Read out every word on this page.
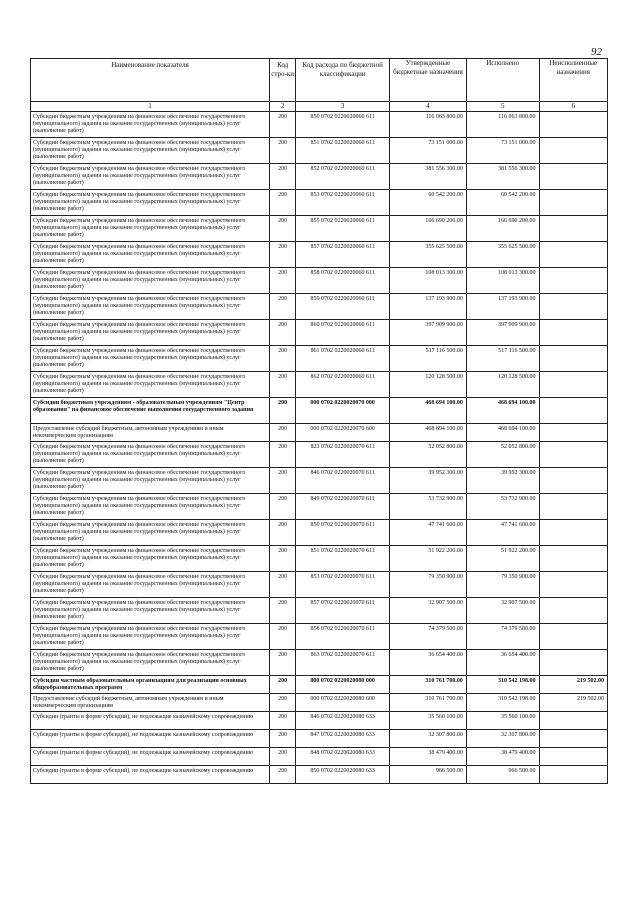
92
Наименование показателя	Код стро-ки	Код расхода по бюджетной классификации	Утвержденные бюджетные назначения	Исполнено	Неисполненные назначения
1	2	3	4	5	6
Субсидии бюджетным учреждениям на финансовое обеспечение государственного (муниципального) задания на оказание государственных (муниципальных) услуг (выполнение работ)	200	850 0702 0220020060 611	116 063 800.00	116 063 800.00	
Субсидии бюджетным учреждениям на финансовое обеспечение государственного (муниципального) задания на оказание государственных (муниципальных) услуг (выполнение работ)	200	851 0702 0220020060 611	73 151 000.00	73 151 000.00	
Субсидии бюджетным учреждениям на финансовое обеспечение государственного (муниципального) задания на оказание государственных (муниципальных) услуг (выполнение работ)	200	852 0702 0220020060 611	381 556 300.00	381 556 300.00	
Субсидии бюджетным учреждениям на финансовое обеспечение государственного (муниципального) задания на оказание государственных (муниципальных) услуг (выполнение работ)	200	853 0702 0220020060 611	60 542 200.00	60 542 200.00	
Субсидии бюджетным учреждениям на финансовое обеспечение государственного (муниципального) задания на оказание государственных (муниципальных) услуг (выполнение работ)	200	855 0702 0220020060 611	166 690 200.00	166 690 200.00	
Субсидии бюджетным учреждениям на финансовое обеспечение государственного (муниципального) задания на оказание государственных (муниципальных) услуг (выполнение работ)	200	857 0702 0220020060 611	355 625 500.00	355 625 500.00	
Субсидии бюджетным учреждениям на финансовое обеспечение государственного (муниципального) задания на оказание государственных (муниципальных) услуг (выполнение работ)	200	858 0702 0220020060 611	108 013 300.00	108 013 300.00	
Субсидии бюджетным учреждениям на финансовое обеспечение государственного (муниципального) задания на оказание государственных (муниципальных) услуг (выполнение работ)	200	859 0702 0220020060 611	137 193 900.00	137 193 900.00	
Субсидии бюджетным учреждениям на финансовое обеспечение государственного (муниципального) задания на оказание государственных (муниципальных) услуг (выполнение работ)	200	860 0702 0220020060 611	397 909 900.00	397 909 900.00	
Субсидии бюджетным учреждениям на финансовое обеспечение государственного (муниципального) задания на оказание государственных (муниципальных) услуг (выполнение работ)	200	861 0702 0220020060 611	517 116 500.00	517 116 500.00	
Субсидии бюджетным учреждениям на финансовое обеспечение государственного (муниципального) задания на оказание государственных (муниципальных) услуг (выполнение работ)	200	862 0702 0220020060 611	120 128 500.00	120 128 500.00	
Субсидии бюджетным учреждениям - образовательным учреждениям "Центр образования" на финансовое обеспечение выполнения государственного задания	200	000 0702 0220020070 000	468 694 100.00	468 694 100.00	
Предоставление субсидий бюджетным, автономным учреждениям и иным некоммерческим организациям	200	000 0702 0220020070 600	468 694 100.00	468 694 100.00	
Субсидии бюджетным учреждениям на финансовое обеспечение государственного (муниципального) задания на оказание государственных (муниципальных) услуг (выполнение работ)	200	823 0702 0220020070 611	52 052 800.00	52 052 800.00	
Субсидии бюджетным учреждениям на финансовое обеспечение государственного (муниципального) задания на оказание государственных (муниципальных) услуг (выполнение работ)	200	846 0702 0220020070 611	39 952 300.00	39 952 300.00	
Субсидии бюджетным учреждениям на финансовое обеспечение государственного (муниципального) задания на оказание государственных (муниципальных) услуг (выполнение работ)	200	849 0702 0220020070 611	53 732 900.00	53 732 900.00	
Субсидии бюджетным учреждениям на финансовое обеспечение государственного (муниципального) задания на оказание государственных (муниципальных) услуг (выполнение работ)	200	850 0702 0220020070 611	47 741 600.00	47 741 600.00	
Субсидии бюджетным учреждениям на финансовое обеспечение государственного (муниципального) задания на оказание государственных (муниципальных) услуг (выполнение работ)	200	851 0702 0220020070 611	51 922 200.00	51 922 200.00	
Субсидии бюджетным учреждениям на финансовое обеспечение государственного (муниципального) задания на оказание государственных (муниципальных) услуг (выполнение работ)	200	853 0702 0220020070 611	79 350 900.00	79 350 900.00	
Субсидии бюджетным учреждениям на финансовое обеспечение государственного (муниципального) задания на оказание государственных (муниципальных) услуг (выполнение работ)	200	857 0702 0220020070 611	32 907 500.00	32 907 500.00	
Субсидии бюджетным учреждениям на финансовое обеспечение государственного (муниципального) задания на оказание государственных (муниципальных) услуг (выполнение работ)	200	858 0702 0220020070 611	74 379 500.00	74 379 500.00	
Субсидии бюджетным учреждениям на финансовое обеспечение государственного (муниципального) задания на оказание государственных (муниципальных) услуг (выполнение работ)	200	863 0702 0220020070 611	36 654 400.00	36 654 400.00	
Субсидии частным образовательным организациям для реализации основных общеобразовательных программ	200	000 0702 0220020080 000	310 761 700.00	310 542 198.00	219 502.00
Предоставление субсидий бюджетным, автономным учреждениям и иным некоммерческим организациям	200	000 0702 0220020080 600	310 761 700.00	310 542 198.00	219 502.00
Субсидии (гранты в форме субсидий), не подлежащие казначейскому сопровождению	200	846 0702 0220020080 633	35 560 100.00	35 560 100.00	
Субсидии (гранты в форме субсидий), не подлежащие казначейскому сопровождению	200	847 0702 0220020080 633	32 307 800.00	32 307 800.00	
Субсидии (гранты в форме субсидий), не подлежащие казначейскому сопровождению	200	848 0702 0220020080 633	38 479 400.00	38 479 400.00	
Субсидии (гранты в форме субсидий), не подлежащие казначейскому сопровождению	200	850 0702 0220020080 633	966 500.00	966 500.00	
